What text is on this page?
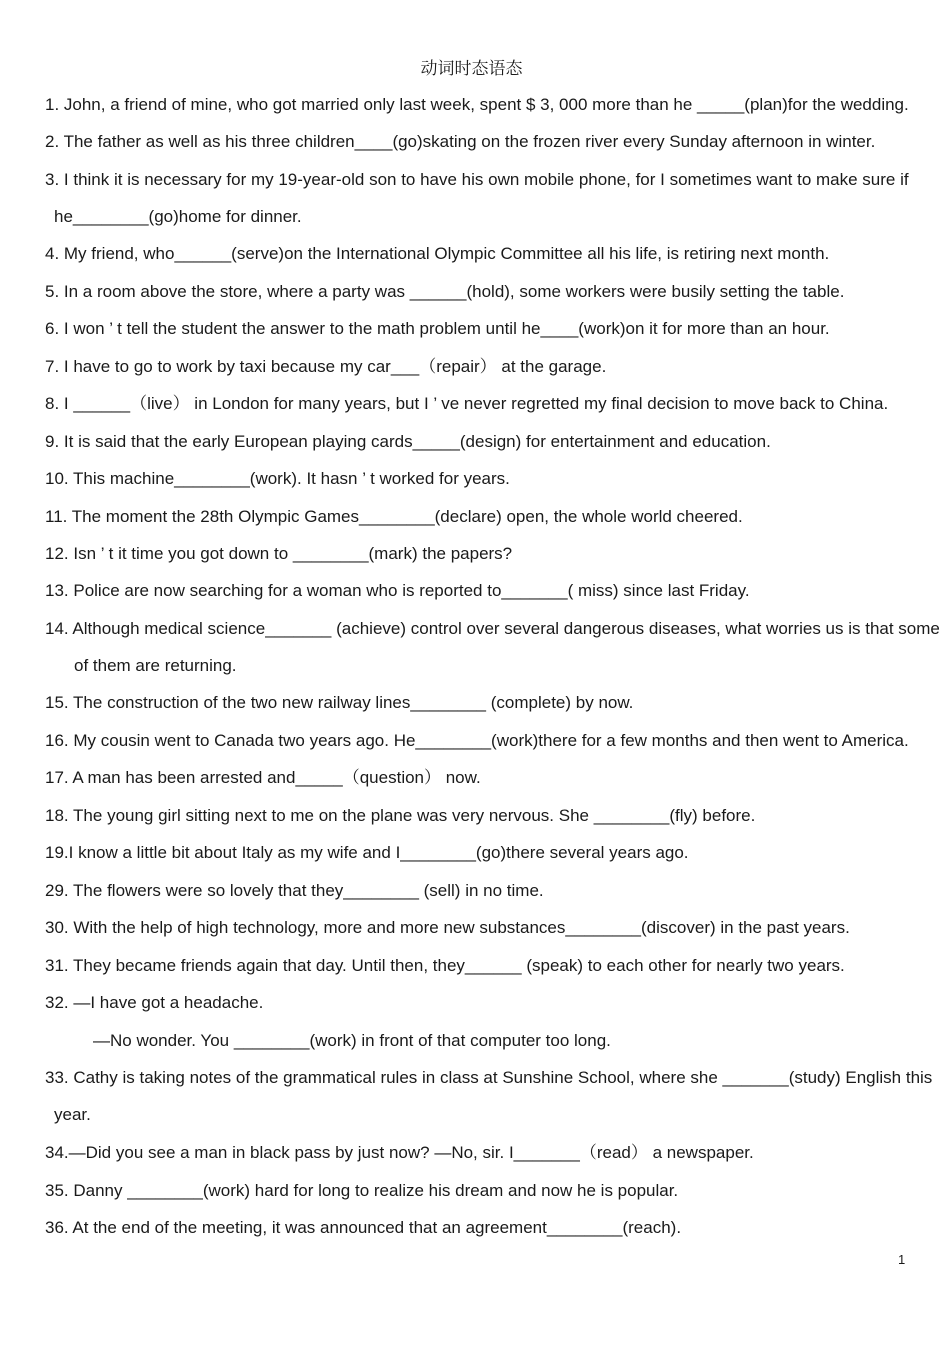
动词时态语态
1. John, a friend of mine, who got married only last week, spent $ 3, 000 more than he _____(plan)for the wedding.
2. The father as well as his three children____(go)skating on the frozen river every Sunday afternoon in winter.
3. I think it is necessary for my 19-year-old son to have his own mobile phone, for I sometimes want to make sure if
he________(go)home for dinner.
4. My friend, who______(serve)on the International Olympic Committee all his life, is retiring next month.
5. In a room above the store, where a party was ______(hold), some workers were busily setting the table.
6. I won ’ t tell the student the answer to the math problem until he____(work)on it for more than an hour.
7. I have to go to work by taxi because my car___（repair） at the garage.
8. I ______（live） in London for many years, but I ’ ve never regretted my final decision to move back to China.
9. It is said that the early European playing cards_____(design) for entertainment and education.
10. This machine________(work). It hasn ’ t worked for years.
11. The moment the 28th Olympic Games________(declare) open, the whole world cheered.
12. Isn ’ t it time you got down to ________(mark) the papers?
13. Police are now searching for a woman who is reported to_______( miss) since last Friday.
14. Although medical science_______ (achieve) control over several dangerous diseases, what worries us is that some
of them are returning.
15. The construction of the two new railway lines________ (complete) by now.
16. My cousin went to Canada two years ago. He________(work)there for a few months and then went to America.
17. A man has been arrested and_____（question） now.
18. The young girl sitting next to me on the plane was very nervous. She ________(fly) before.
19.I know a little bit about Italy as my wife and I________(go)there several years ago.
29. The flowers were so lovely that they________ (sell) in no time.
30. With the help of high technology, more and more new substances________(discover) in the past years.
31. They became friends again that day. Until then, they______ (speak) to each other for nearly two years.
32. —I have got a headache.
—No wonder. You ________(work) in front of that computer too long.
33. Cathy is taking notes of the grammatical rules in class at Sunshine School, where she _______(study) English this
year.
34.—Did you see a man in black pass by just now? —No, sir. I_______（read） a newspaper.
35. Danny ________(work) hard for long to realize his dream and now he is popular.
36. At the end of the meeting, it was announced that an agreement________(reach).
1
